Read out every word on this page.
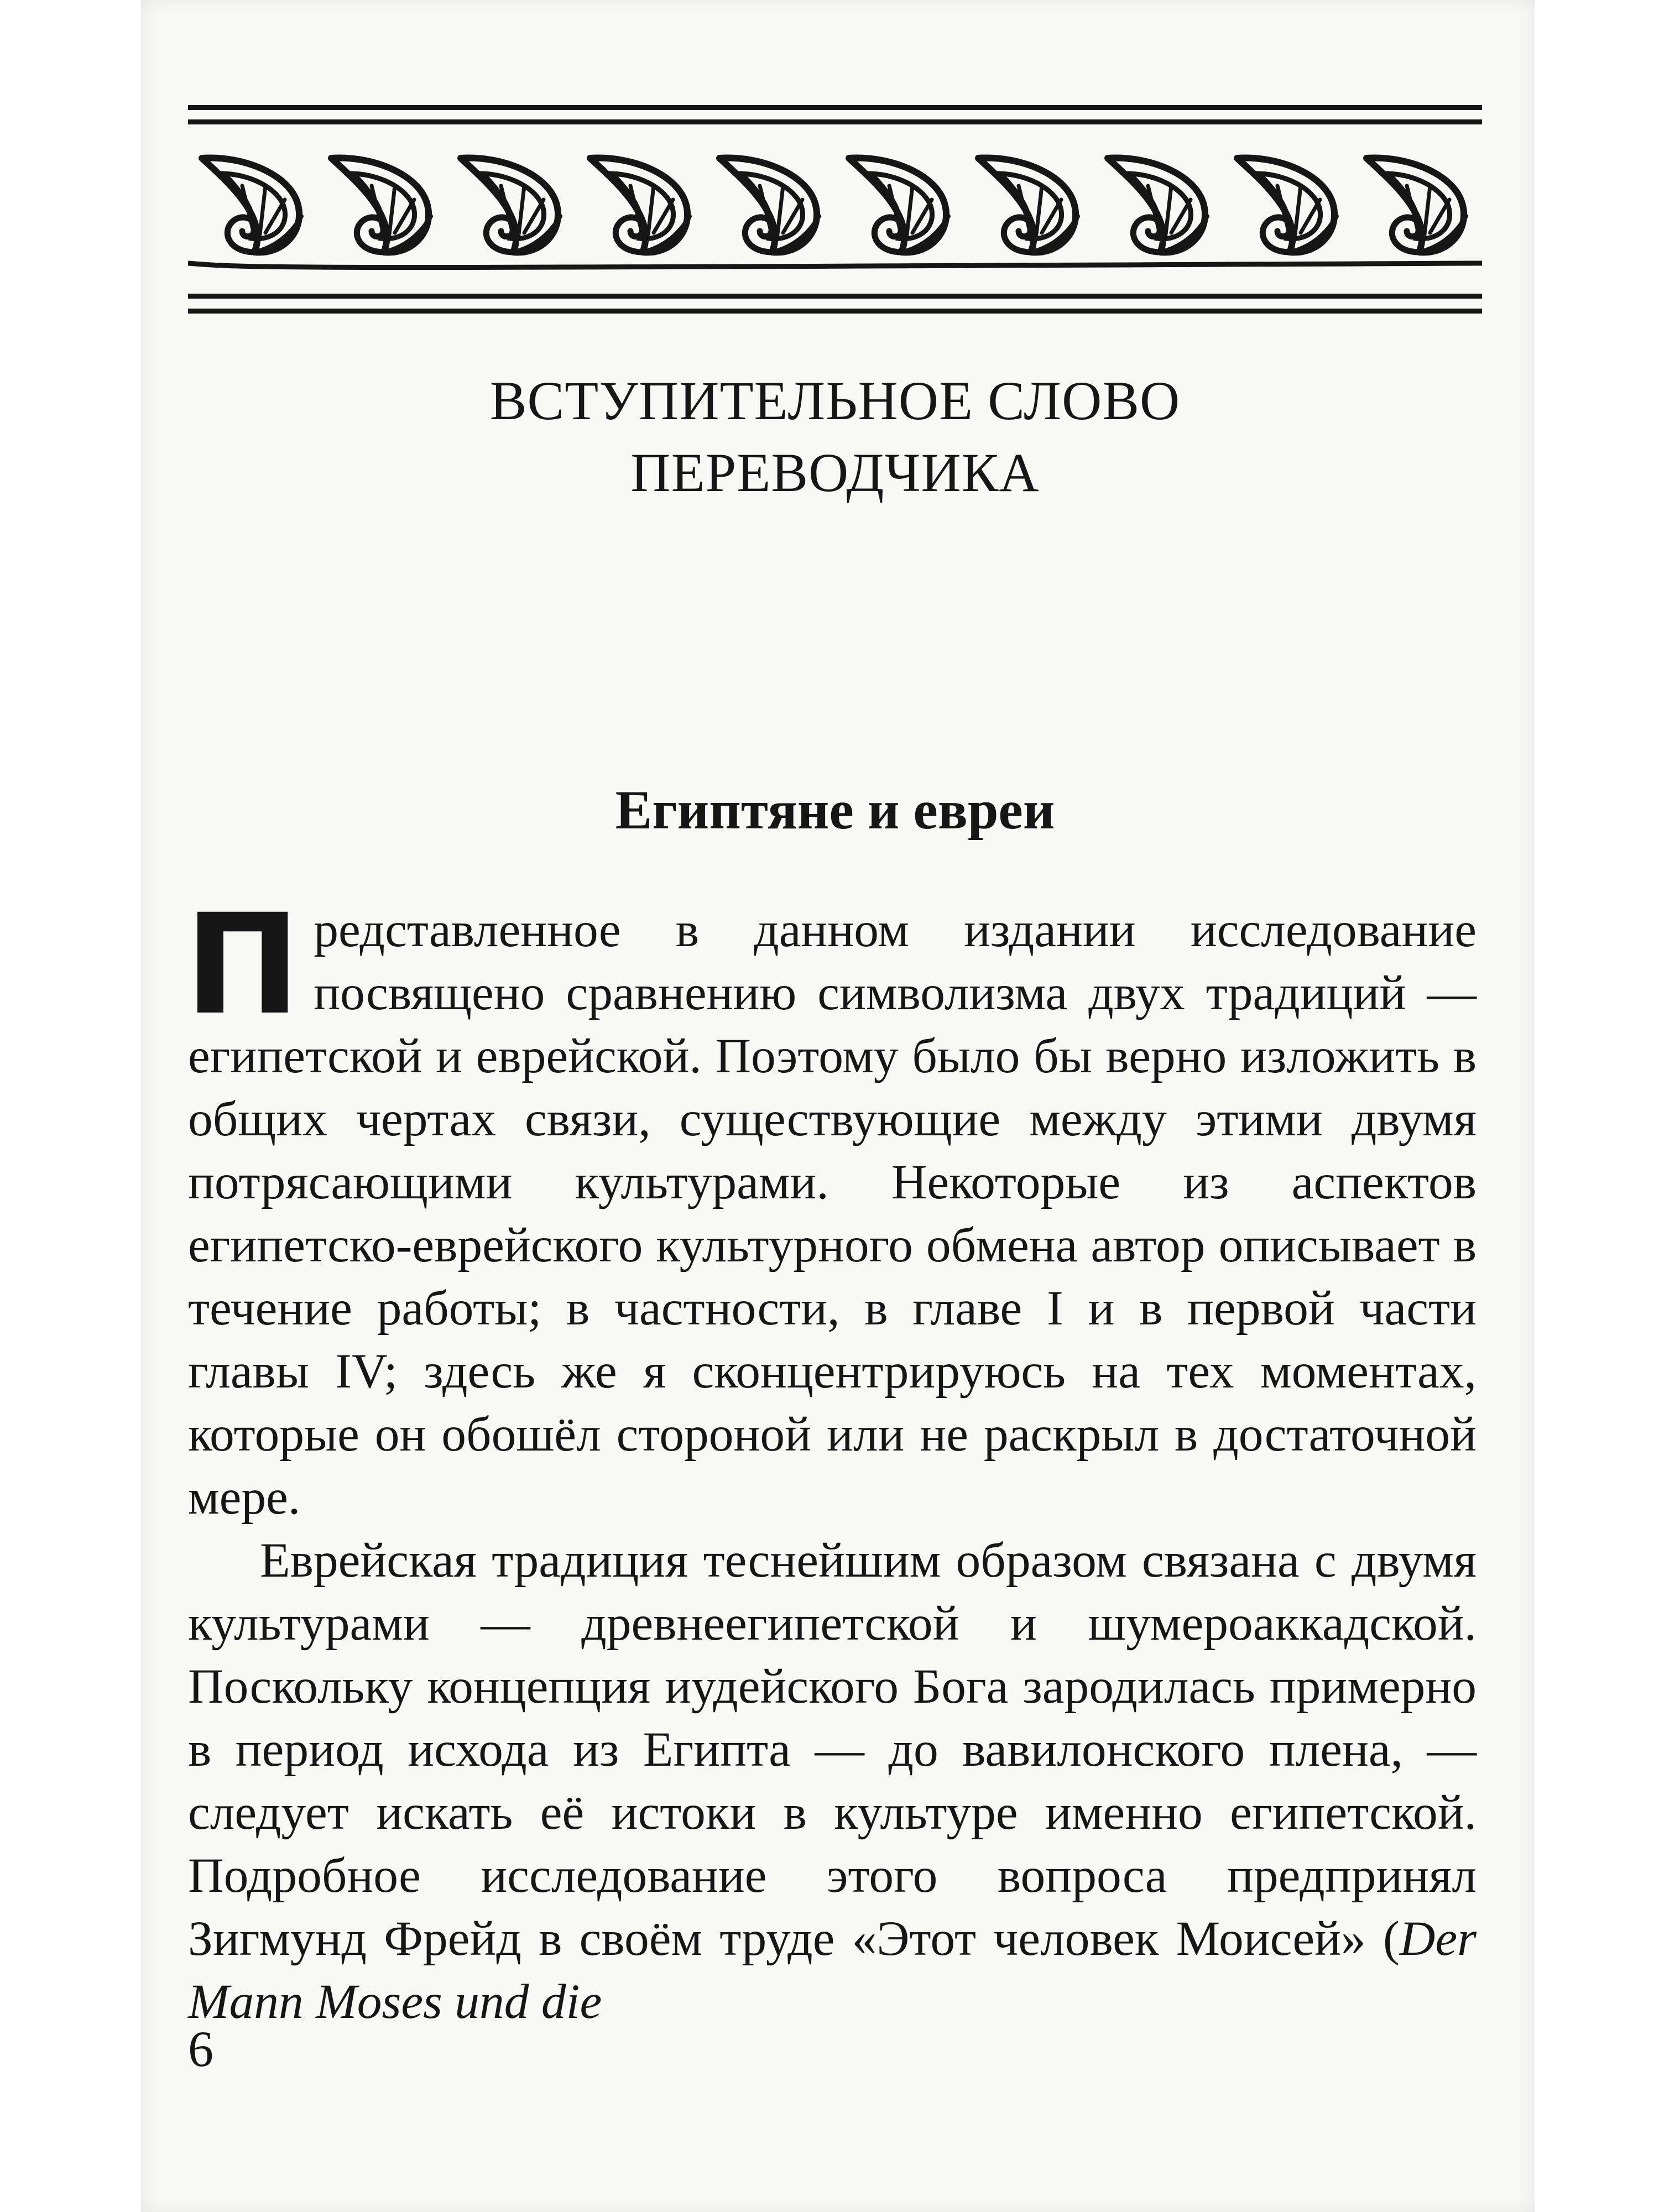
ВСТУПИТЕЛЬНОЕ СЛОВО
ПЕРЕВОДЧИКА
Египтяне и евреи

Представленное в данном издании исследование посвящено сравнению символизма двух традиций — египетской и еврейской. Поэтому было бы верно изложить в общих чертах связи, существующие между этими двумя потрясающими культурами. Некоторые из аспектов египетско-еврейского культурного обмена автор описывает в течение работы; в частности, в главе I и в первой части главы IV; здесь же я сконцентрируюсь на тех моментах, которые он обошёл стороной или не раскрыл в достаточной мере.

Еврейская традиция теснейшим образом связана с двумя культурами — древнеегипетской и шумероаккадской. Поскольку концепция иудейского Бога зародилась примерно в период исхода из Египта — до вавилонского плена, — следует искать её истоки в культуре именно египетской. Подробное исследование этого вопроса предпринял Зигмунд Фрейд в своём труде «Этот человек Моисей» (Der Mann Moses und die

6
